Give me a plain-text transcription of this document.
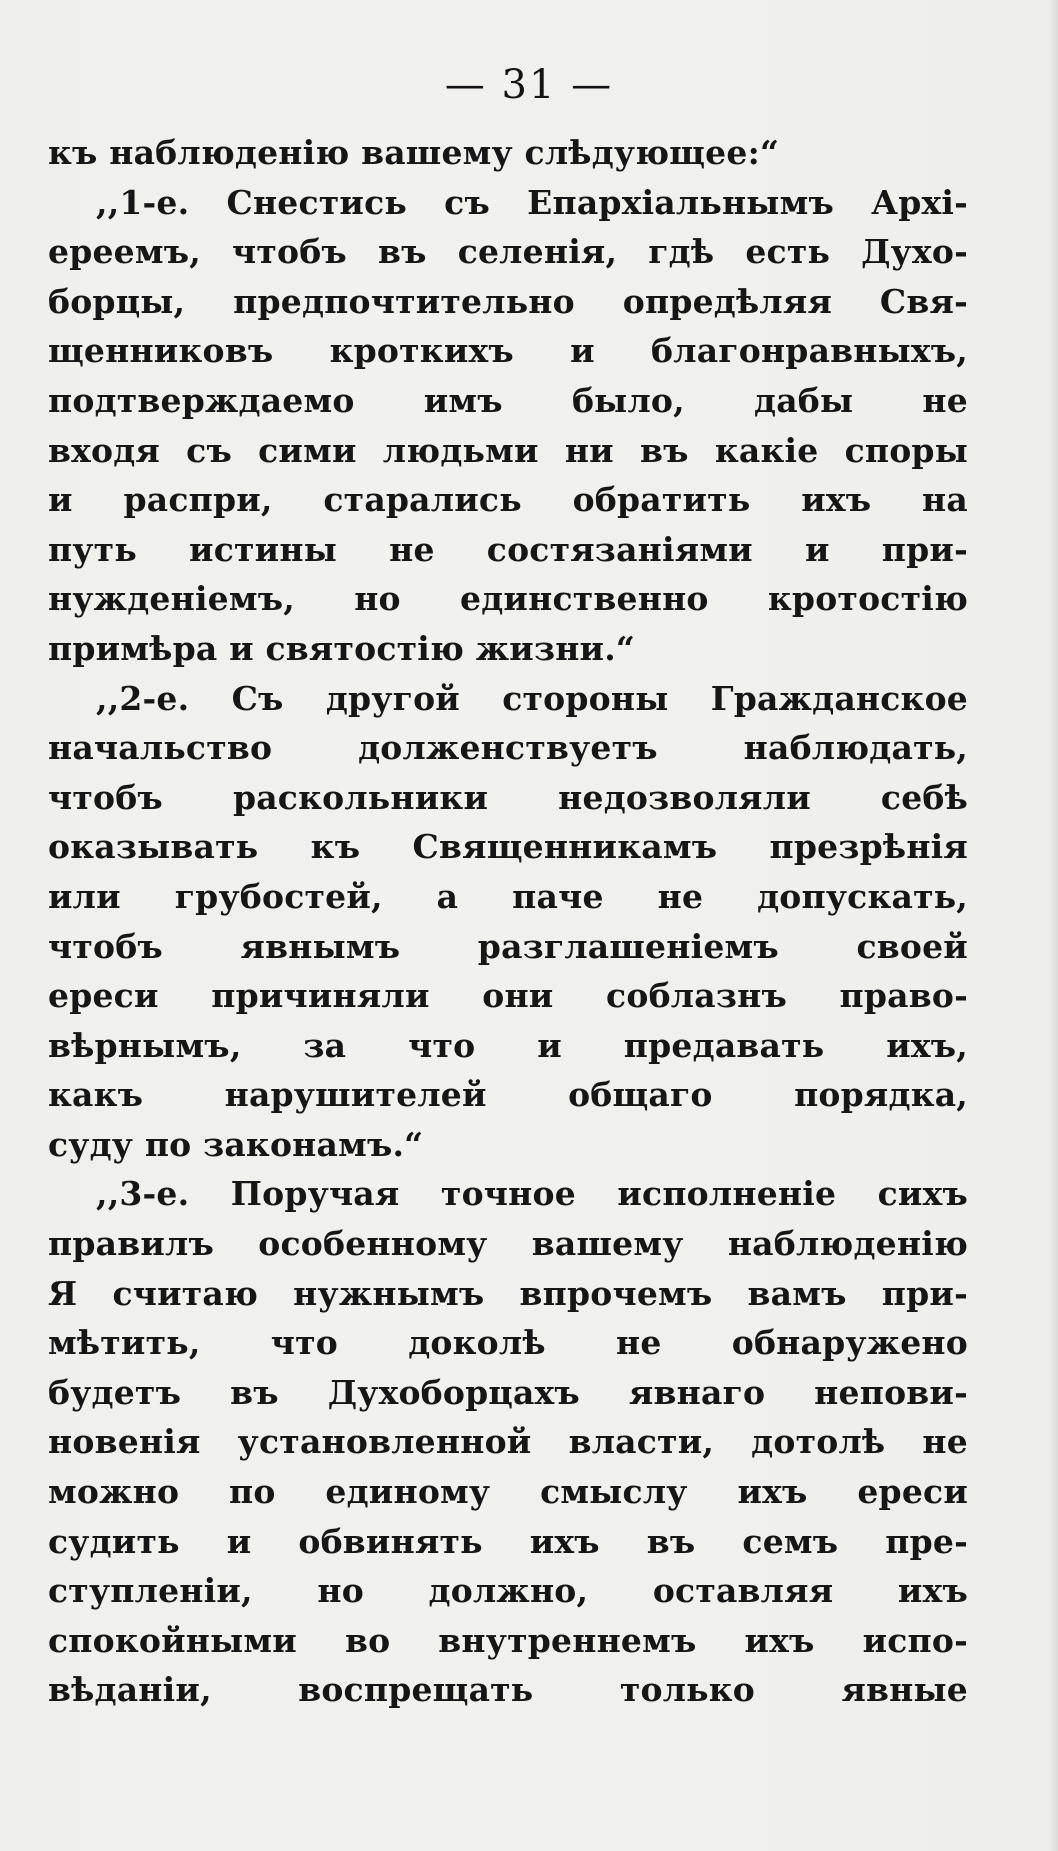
— 31 —
къ наблюденію вашему слѣдующее:“
,,1-е. Снестись съ Епархіальнымъ Архі-
ереемъ, чтобъ въ селенія, гдѣ есть Духо-
борцы, предпочтительно опредѣляя Свя-
щенниковъ кроткихъ и благонравныхъ,
подтверждаемо имъ было, дабы не
входя съ сими людьми ни въ какіе споры
и распри, старались обратить ихъ на
путь истины не состязаніями и при-
нужденіемъ, но единственно кротостію
примѣра и святостію жизни.“
,,2-е. Съ другой стороны Гражданское
начальство долженствуетъ наблюдать,
чтобъ раскольники недозволяли себѣ
оказывать къ Священникамъ презрѣнія
или грубостей, а паче не допускать,
чтобъ явнымъ разглашеніемъ своей
ереси причиняли они соблазнъ право-
вѣрнымъ, за что и предавать ихъ,
какъ нарушителей общаго порядка,
суду по законамъ.“
,,3-е. Поручая точное исполненіе сихъ
правилъ особенному вашему наблюденію
Я считаю нужнымъ впрочемъ вамъ при-
мѣтить, что доколѣ не обнаружено
будетъ въ Духоборцахъ явнаго непови-
новенія установленной власти, дотолѣ не
можно по единому смыслу ихъ ереси
судить и обвинять ихъ въ семъ пре-
ступленіи, но должно, оставляя ихъ
спокойными во внутреннемъ ихъ испо-
вѣданіи, воспрещать только явные
